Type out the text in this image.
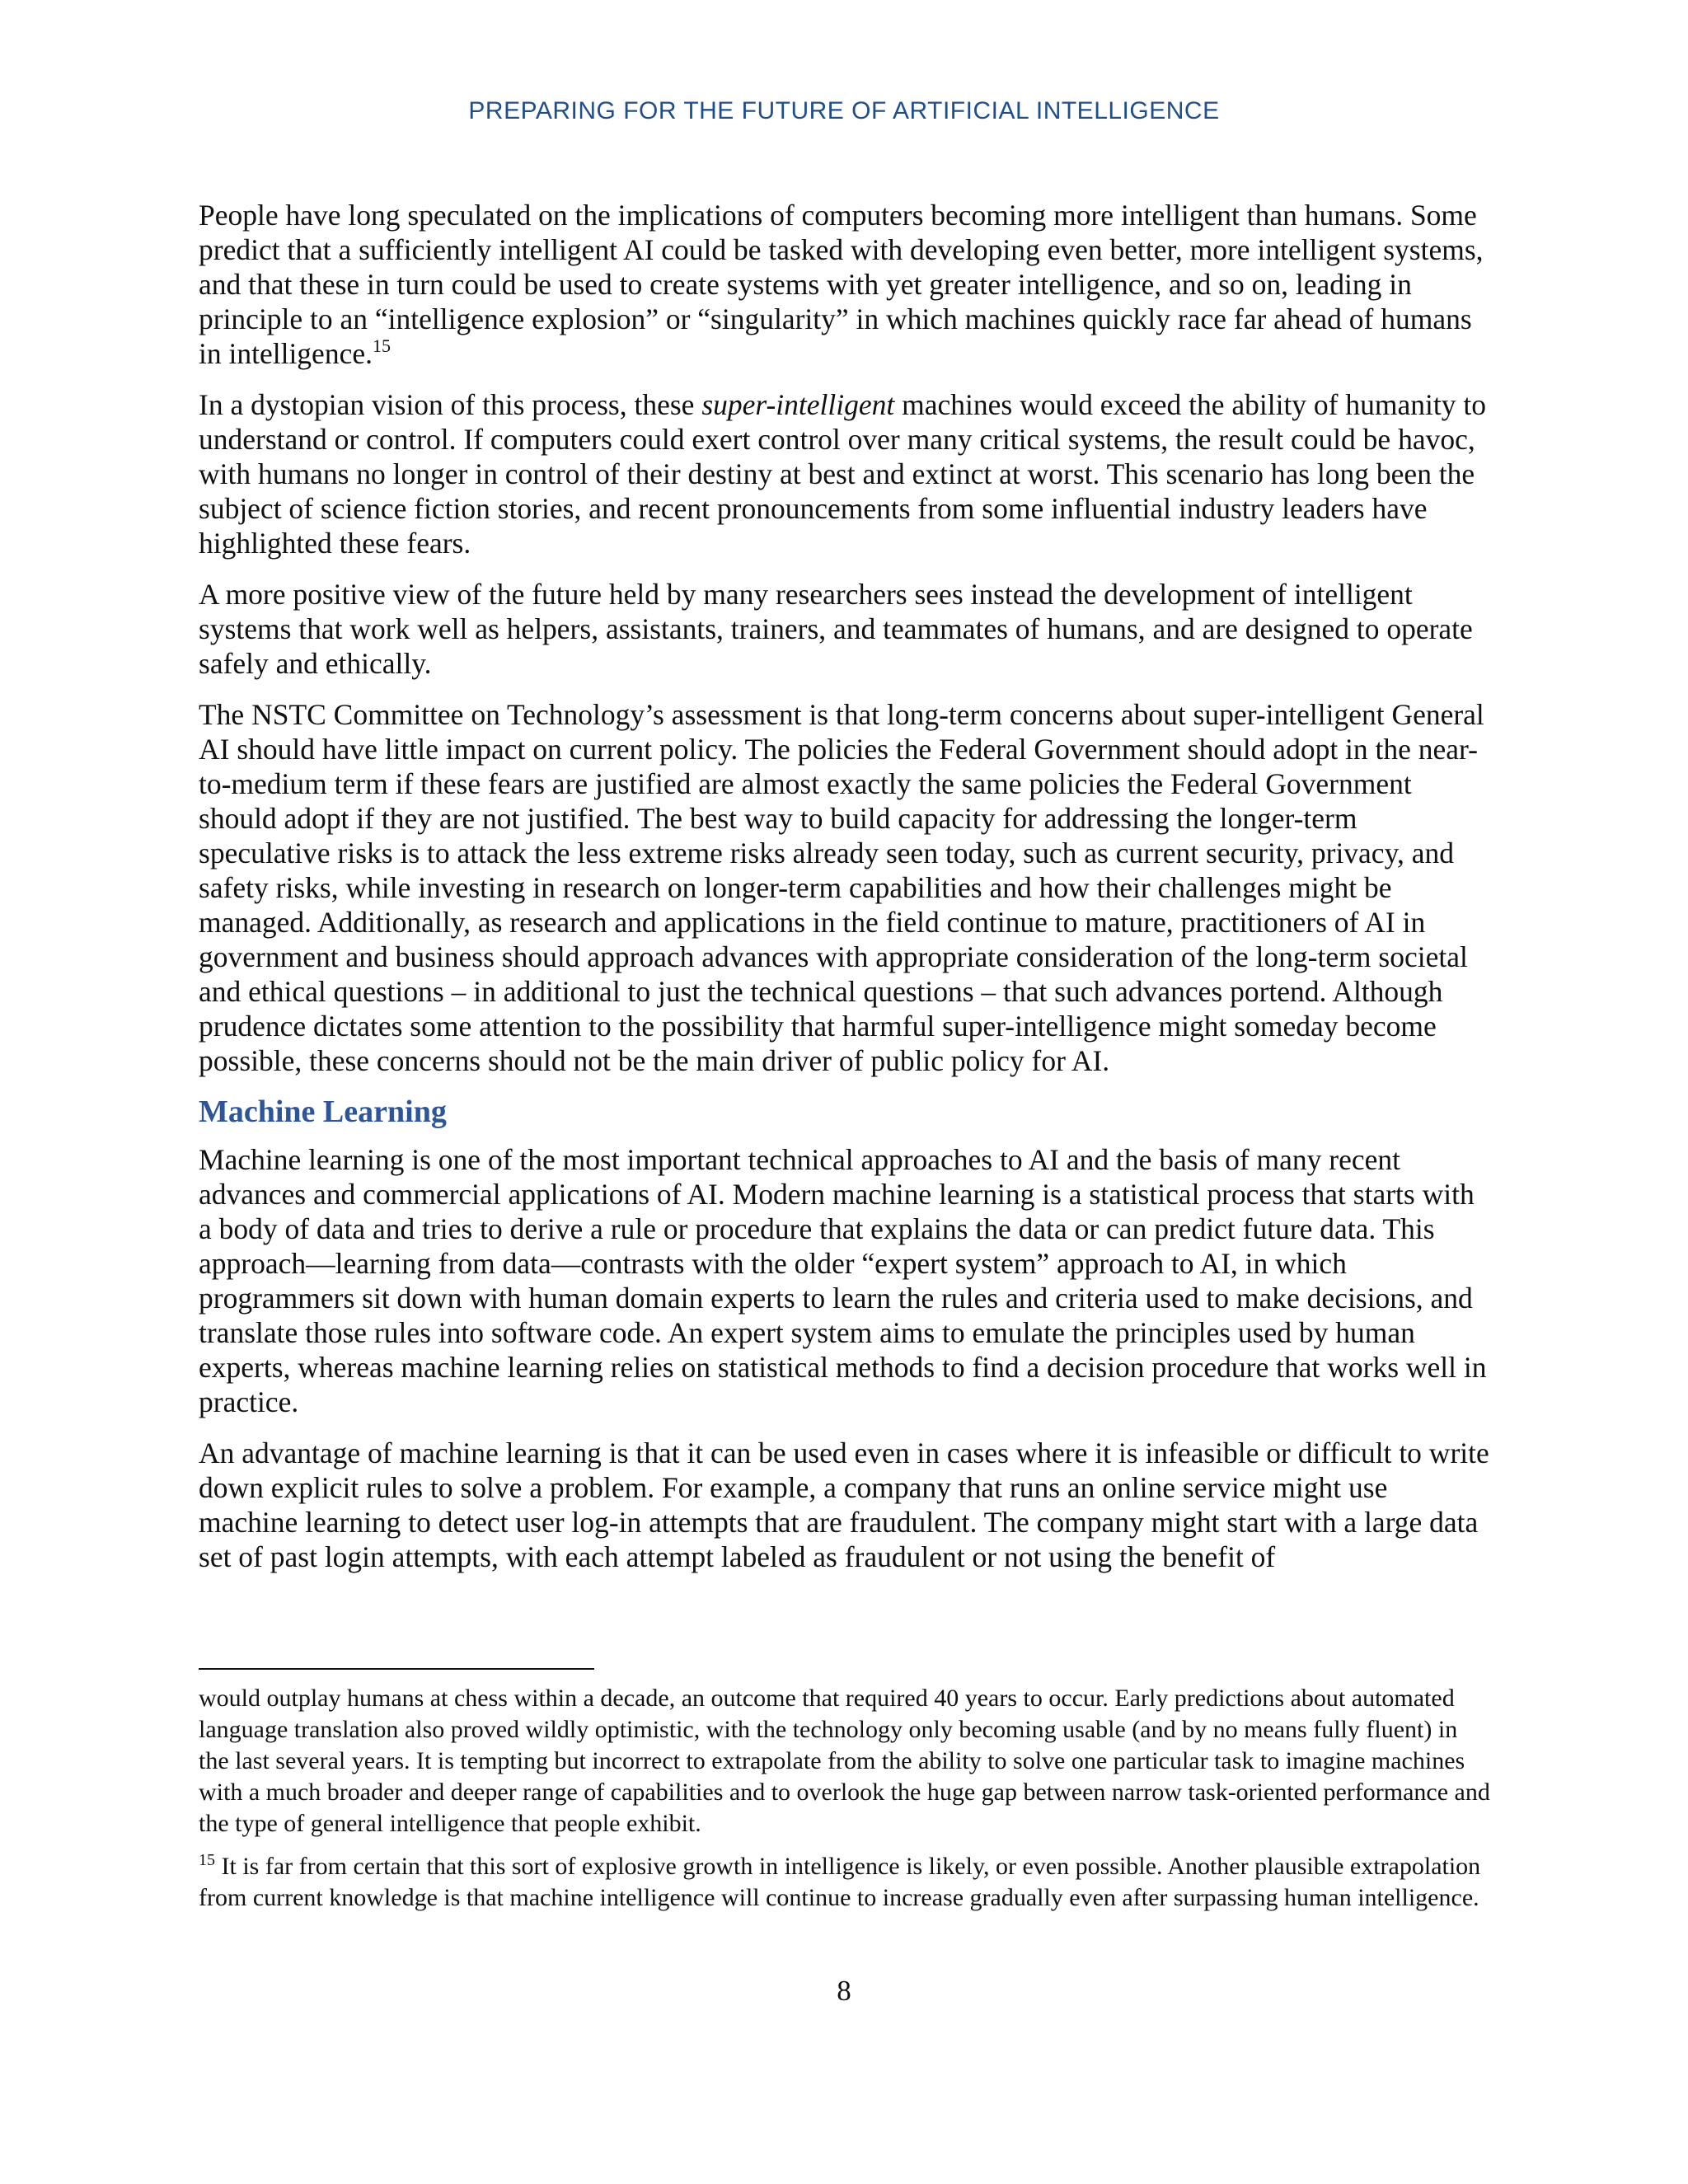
PREPARING FOR THE FUTURE OF ARTIFICIAL INTELLIGENCE

People have long speculated on the implications of computers becoming more intelligent than humans. Some predict that a sufficiently intelligent AI could be tasked with developing even better, more intelligent systems, and that these in turn could be used to create systems with yet greater intelligence, and so on, leading in principle to an “intelligence explosion” or “singularity” in which machines quickly race far ahead of humans in intelligence.$^{15}$

In a dystopian vision of this process, these super-intelligent machines would exceed the ability of humanity to understand or control. If computers could exert control over many critical systems, the result could be havoc, with humans no longer in control of their destiny at best and extinct at worst. This scenario has long been the subject of science fiction stories, and recent pronouncements from some influential industry leaders have highlighted these fears.

A more positive view of the future held by many researchers sees instead the development of intelligent systems that work well as helpers, assistants, trainers, and teammates of humans, and are designed to operate safely and ethically.

The NSTC Committee on Technology’s assessment is that long-term concerns about super-intelligent General AI should have little impact on current policy. The policies the Federal Government should adopt in the near-to-medium term if these fears are justified are almost exactly the same policies the Federal Government should adopt if they are not justified. The best way to build capacity for addressing the longer-term speculative risks is to attack the less extreme risks already seen today, such as current security, privacy, and safety risks, while investing in research on longer-term capabilities and how their challenges might be managed. Additionally, as research and applications in the field continue to mature, practitioners of AI in government and business should approach advances with appropriate consideration of the long-term societal and ethical questions – in additional to just the technical questions – that such advances portend. Although prudence dictates some attention to the possibility that harmful super-intelligence might someday become possible, these concerns should not be the main driver of public policy for AI.

Machine Learning

Machine learning is one of the most important technical approaches to AI and the basis of many recent advances and commercial applications of AI. Modern machine learning is a statistical process that starts with a body of data and tries to derive a rule or procedure that explains the data or can predict future data. This approach—learning from data—contrasts with the older “expert system” approach to AI, in which programmers sit down with human domain experts to learn the rules and criteria used to make decisions, and translate those rules into software code. An expert system aims to emulate the principles used by human experts, whereas machine learning relies on statistical methods to find a decision procedure that works well in practice.

An advantage of machine learning is that it can be used even in cases where it is infeasible or difficult to write down explicit rules to solve a problem. For example, a company that runs an online service might use machine learning to detect user log-in attempts that are fraudulent. The company might start with a large data set of past login attempts, with each attempt labeled as fraudulent or not using the benefit of

would outplay humans at chess within a decade, an outcome that required 40 years to occur. Early predictions about automated language translation also proved wildly optimistic, with the technology only becoming usable (and by no means fully fluent) in the last several years. It is tempting but incorrect to extrapolate from the ability to solve one particular task to imagine machines with a much broader and deeper range of capabilities and to overlook the huge gap between narrow task-oriented performance and the type of general intelligence that people exhibit.

$^{15}$ It is far from certain that this sort of explosive growth in intelligence is likely, or even possible. Another plausible extrapolation from current knowledge is that machine intelligence will continue to increase gradually even after surpassing human intelligence.

8
